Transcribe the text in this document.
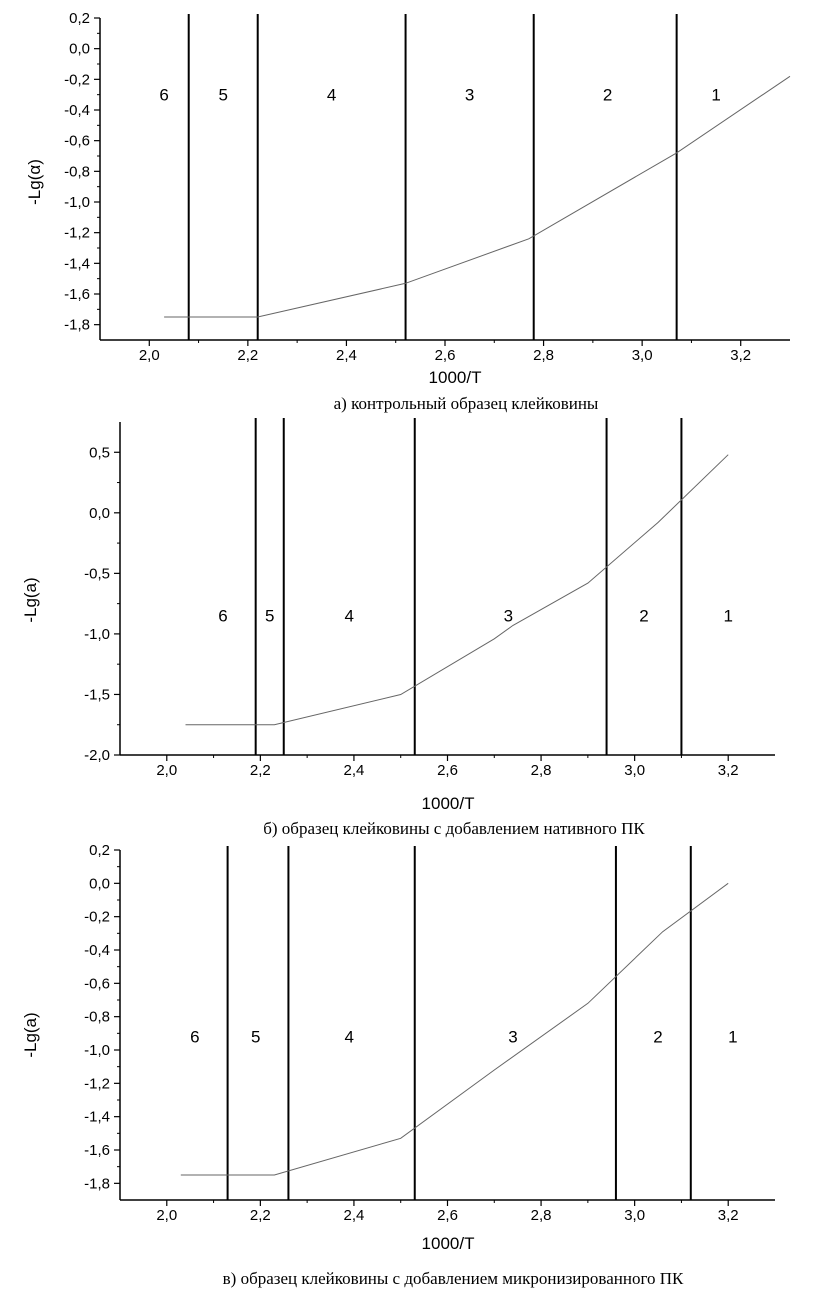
2,0	2,2	2,4	2,6	2,8	3,0	3,2
0,2
0,0
-0,2
-0,4
-0,6
-0,8
-1,0
-1,2
-1,4
-1,6
-1,8
6	5	4	3	2	1
1000/T
-Lg(α)
а) контрольный образец клейковины
2,0	2,2	2,4	2,6	2,8	3,0	3,2
0,5
0,0
-0,5
-1,0
-1,5
-2,0
6 5	4	3	2	1
1000/T
-Lg(a)
б) образец клейковины с добавлением нативного ПК
2,0	2,2	2,4	2,6	2,8	3,0	3,2
0,2
0,0
-0,2
-0,4
-0,6
-0,8
-1,0
-1,2
-1,4
-1,6
-1,8
6	5	4	3	2	1
1000/T
-Lg(a)
в) образец клейковины с добавлением микронизированного ПК
